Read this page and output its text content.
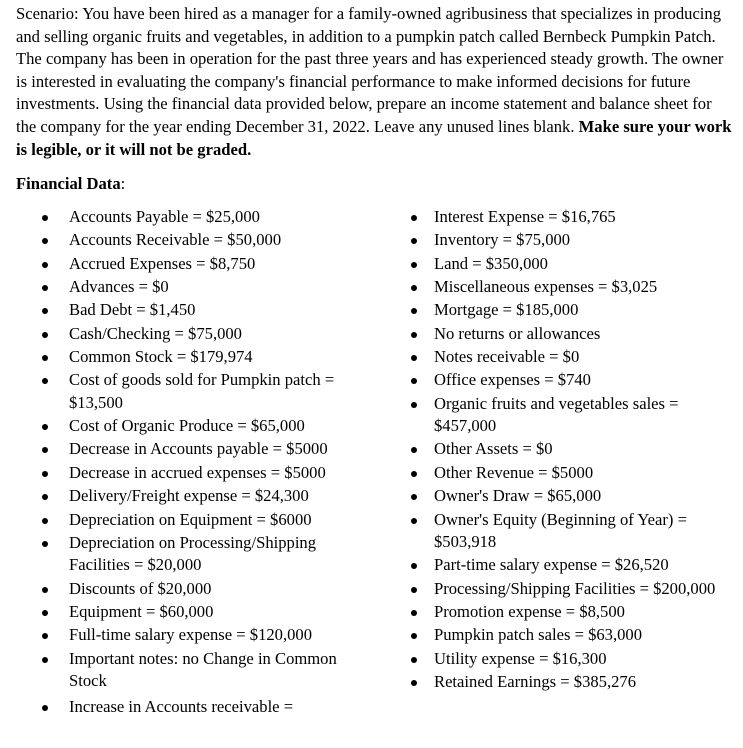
Scenario: You have been hired as a manager for a family-owned agribusiness that specializes in producing and selling organic fruits and vegetables, in addition to a pumpkin patch called Bernbeck Pumpkin Patch. The company has been in operation for the past three years and has experienced steady growth. The owner is interested in evaluating the company's financial performance to make informed decisions for future investments. Using the financial data provided below, prepare an income statement and balance sheet for the company for the year ending December 31, 2022. Leave any unused lines blank. Make sure your work is legible, or it will not be graded.

Financial Data:
Accounts Payable = $25,000
Accounts Receivable = $50,000
Accrued Expenses = $8,750
Advances = $0
Bad Debt = $1,450
Cash/Checking = $75,000
Common Stock = $179,974
Cost of goods sold for Pumpkin patch = $13,500
Cost of Organic Produce = $65,000
Decrease in Accounts payable = $5000
Decrease in accrued expenses = $5000
Delivery/Freight expense = $24,300
Depreciation on Equipment = $6000
Depreciation on Processing/Shipping Facilities = $20,000
Discounts of $20,000
Equipment = $60,000
Full-time salary expense = $120,000
Important notes: no Change in Common Stock
Increase in Accounts receivable =
Interest Expense = $16,765
Inventory = $75,000
Land = $350,000
Miscellaneous expenses = $3,025
Mortgage = $185,000
No returns or allowances
Notes receivable = $0
Office expenses = $740
Organic fruits and vegetables sales = $457,000
Other Assets = $0
Other Revenue = $5000
Owner's Draw = $65,000
Owner's Equity (Beginning of Year) = $503,918
Part-time salary expense = $26,520
Processing/Shipping Facilities = $200,000
Promotion expense = $8,500
Pumpkin patch sales = $63,000
Utility expense = $16,300
Retained Earnings = $385,276
